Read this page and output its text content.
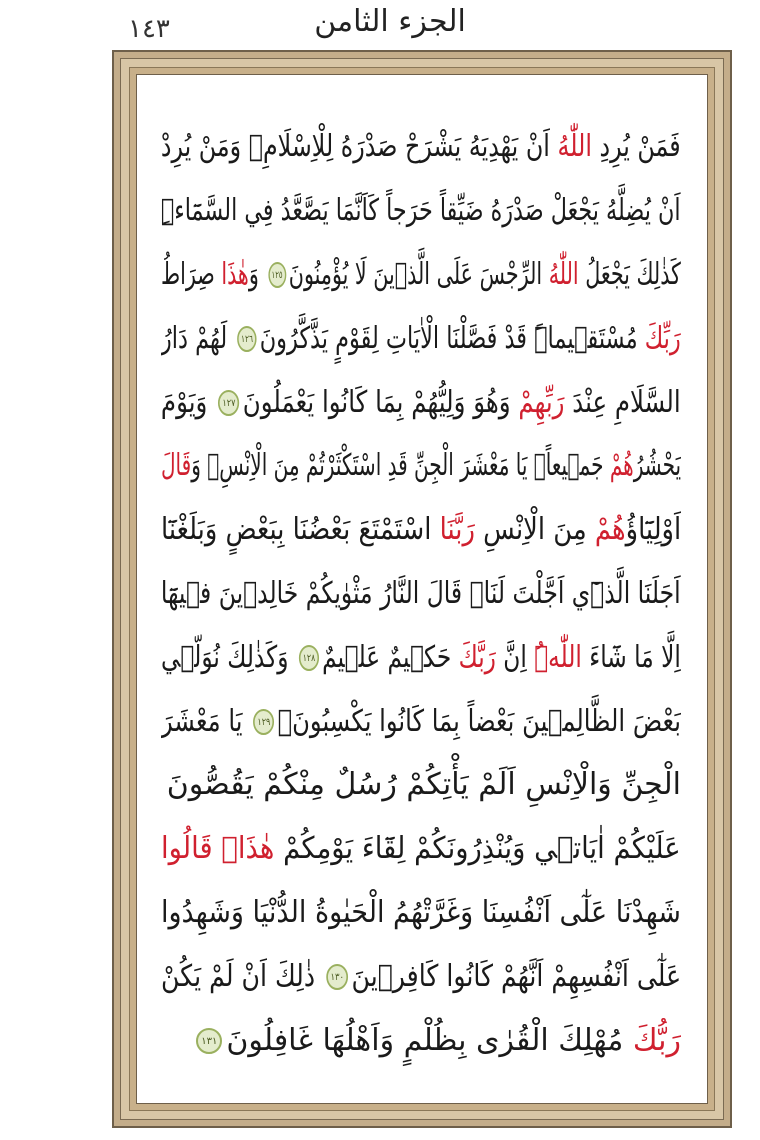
١٤٣	الجزء الثامن
فَمَنْ يُرِدِ اللّٰهُ اَنْ يَهْدِيَهُ يَشْرَحْ صَدْرَهُ لِلْاِسْلَامِۚ وَمَنْ يُرِدْ
اَنْ يُضِلَّهُ يَجْعَلْ صَدْرَهُ ضَيِّقاً حَرَجاً كَاَنَّمَا يَصَّعَّدُ فِي السَّمَٓاءِۜ
كَذٰلِكَ يَجْعَلُ اللّٰهُ الرِّجْسَ عَلَى الَّذ۪ينَ لَا يُؤْمِنُونَ١٢٥ وَهٰذَا صِرَاطُ
رَبِّكَ مُسْتَق۪يماًۜ قَدْ فَصَّلْنَا الْاٰيَاتِ لِقَوْمٍ يَذَّكَّرُونَ١٢٦ لَهُمْ دَارُ
السَّلَامِ عِنْدَ رَبِّهِمْ وَهُوَ وَلِيُّهُمْ بِمَا كَانُوا يَعْمَلُونَ١٢٧ وَيَوْمَ
يَحْشُرُهُمْ جَم۪يعاًۚ يَا مَعْشَرَ الْجِنِّ قَدِ اسْتَكْثَرْتُمْ مِنَ الْاِنْسِۚ وَقَالَ
اَوْلِيَٓاؤُهُمْ مِنَ الْاِنْسِ رَبَّنَا اسْتَمْتَعَ بَعْضُنَا بِبَعْضٍ وَبَلَغْنَٓا
اَجَلَنَا الَّذ۪ٓي اَجَّلْتَ لَنَاۜ قَالَ النَّارُ مَثْوٰيكُمْ خَالِد۪ينَ ف۪يهَٓا
اِلَّا مَا شَٓاءَ اللّٰهُۜ اِنَّ رَبَّكَ حَك۪يمٌ عَل۪يمٌ١٢٨ وَكَذٰلِكَ نُوَلّ۪ي
بَعْضَ الظَّالِم۪ينَ بَعْضاً بِمَا كَانُوا يَكْسِبُونَ۟١٢٩ يَا مَعْشَرَ
الْجِنِّ وَالْاِنْسِ اَلَمْ يَأْتِكُمْ رُسُلٌ مِنْكُمْ يَقُصُّونَ
عَلَيْكُمْ اٰيَات۪ي وَيُنْذِرُونَكُمْ لِقَٓاءَ يَوْمِكُمْ هٰذَاۜ قَالُوا
شَهِدْنَا عَلٰٓى اَنْفُسِنَا وَغَرَّتْهُمُ الْحَيٰوةُ الدُّنْيَا وَشَهِدُوا
عَلٰٓى اَنْفُسِهِمْ اَنَّهُمْ كَانُوا كَافِر۪ينَ١٣٠ ذٰلِكَ اَنْ لَمْ يَكُنْ
رَبُّكَ مُهْلِكَ الْقُرٰى بِظُلْمٍ وَاَهْلُهَا غَافِلُونَ١٣١
